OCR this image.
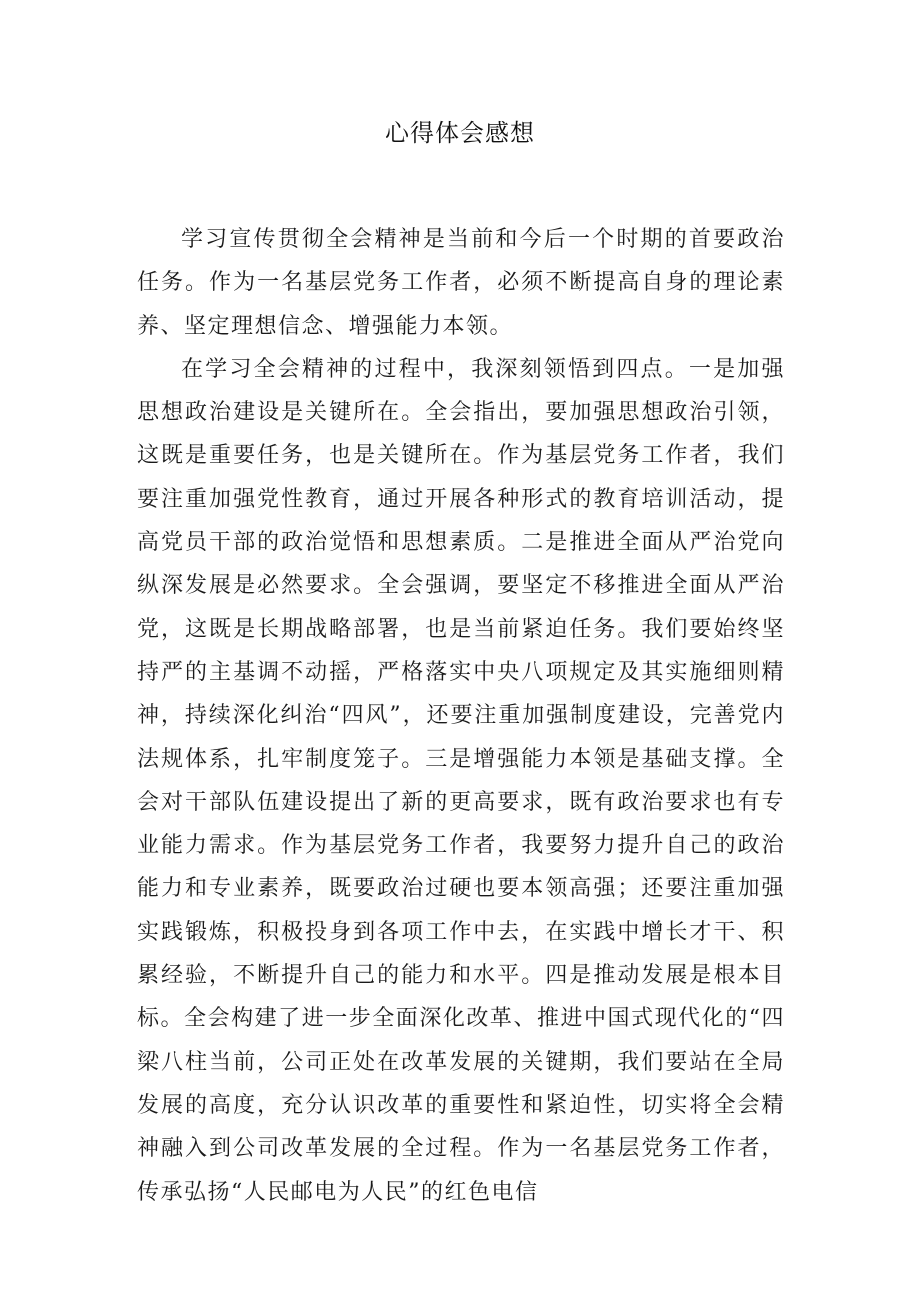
心得体会感想

学习宣传贯彻全会精神是当前和今后一个时期的首要政治任务。作为一名基层党务工作者，必须不断提高自身的理论素养、坚定理想信念、增强能力本领。

在学习全会精神的过程中，我深刻领悟到四点。一是加强思想政治建设是关键所在。全会指出，要加强思想政治引领，这既是重要任务，也是关键所在。作为基层党务工作者，我们要注重加强党性教育，通过开展各种形式的教育培训活动，提高党员干部的政治觉悟和思想素质。二是推进全面从严治党向纵深发展是必然要求。全会强调，要坚定不移推进全面从严治党，这既是长期战略部署，也是当前紧迫任务。我们要始终坚持严的主基调不动摇，严格落实中央八项规定及其实施细则精神，持续深化纠治“四风”，还要注重加强制度建设，完善党内法规体系，扎牢制度笼子。三是增强能力本领是基础支撑。全会对干部队伍建设提出了新的更高要求，既有政治要求也有专业能力需求。作为基层党务工作者，我要努力提升自己的政治能力和专业素养，既要政治过硬也要本领高强；还要注重加强实践锻炼，积极投身到各项工作中去，在实践中增长才干、积累经验，不断提升自己的能力和水平。四是推动发展是根本目标。全会构建了进一步全面深化改革、推进中国式现代化的“四梁八柱当前，公司正处在改革发展的关键期，我们要站在全局发展的高度，充分认识改革的重要性和紧迫性，切实将全会精神融入到公司改革发展的全过程。作为一名基层党务工作者，传承弘扬“人民邮电为人民”的红色电信
